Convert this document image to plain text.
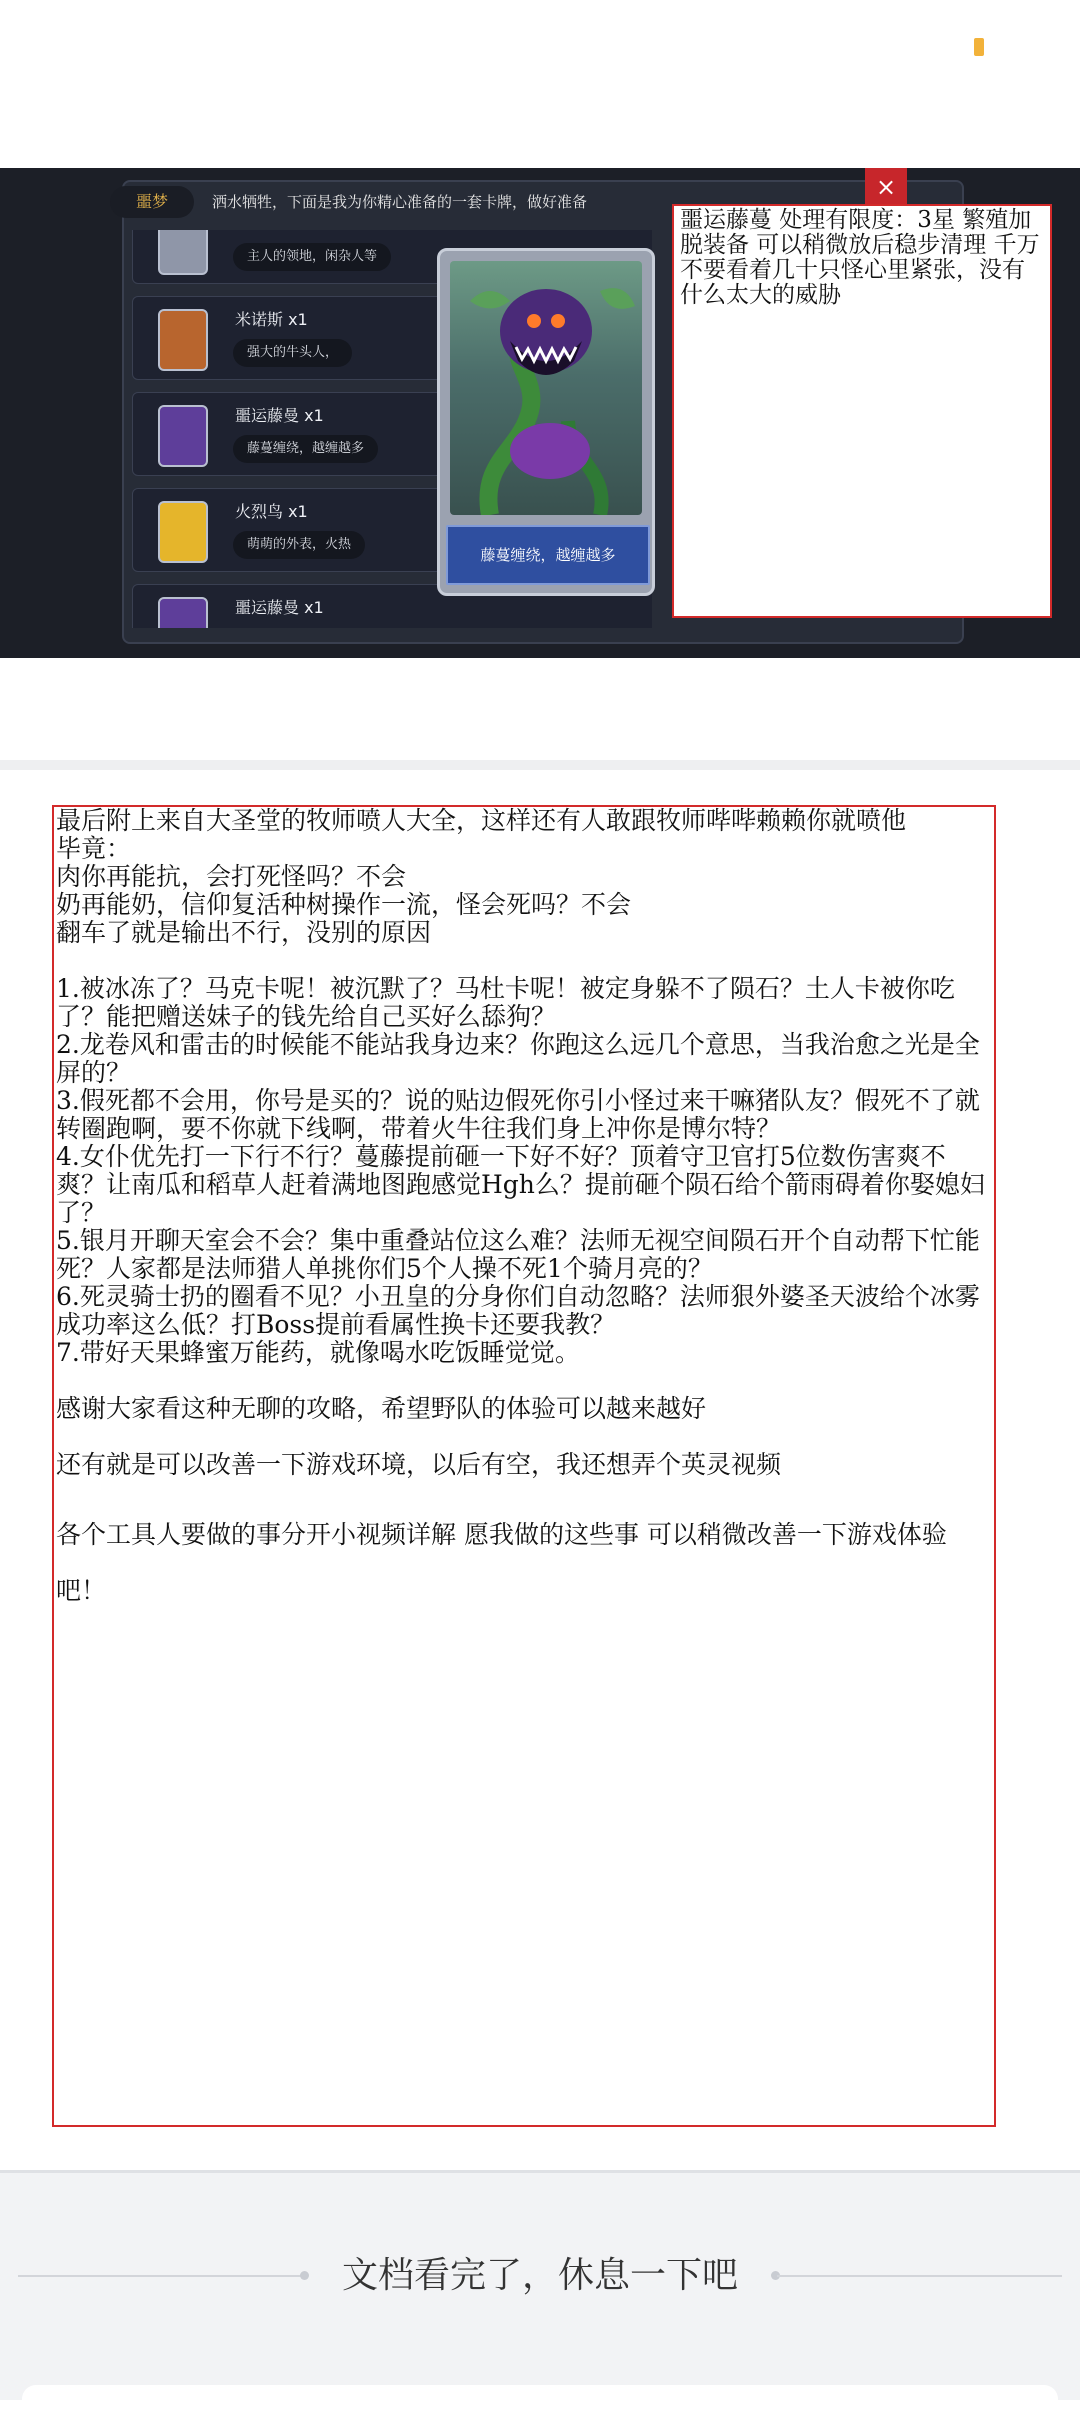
噩梦	洒水牺牲，下面是我为你精心准备的一套卡牌，做好准备
主人的领地，闲杂人等
米诺斯 x1
强大的牛头人，
噩运藤曼 x1
藤蔓缠绕，越缠越多
火烈鸟 x1
萌萌的外表，火热
噩运藤曼 x1
藤蔓缠绕，越缠越多
×
噩运藤蔓 处理有限度：3星 繁殖加脱装备 可以稍微放后稳步清理 千万不要看着几十只怪心里紧张，没有什么太大的威胁

最后附上来自大圣堂的牧师喷人大全，这样还有人敢跟牧师哔哔赖赖你就喷他

毕竟：

肉你再能抗，会打死怪吗？不会

奶再能奶，信仰复活种树操作一流，怪会死吗？不会

翻车了就是输出不行，没别的原因

1.被冰冻了？马克卡呢！被沉默了？马杜卡呢！被定身躲不了陨石？土人卡被你吃了？能把赠送妹子的钱先给自己买好么舔狗？

2.龙卷风和雷击的时候能不能站我身边来？你跑这么远几个意思，当我治愈之光是全屏的？

3.假死都不会用，你号是买的？说的贴边假死你引小怪过来干嘛猪队友？假死不了就转圈跑啊，要不你就下线啊，带着火牛往我们身上冲你是博尔特？

4.女仆优先打一下行不行？蔓藤提前砸一下好不好？顶着守卫官打5位数伤害爽不爽？让南瓜和稻草人赶着满地图跑感觉Hgh么？提前砸个陨石给个箭雨碍着你娶媳妇了？

5.银月开聊天室会不会？集中重叠站位这么难？法师无视空间陨石开个自动帮下忙能死？人家都是法师猎人单挑你们5个人操不死1个骑月亮的？

6.死灵骑士扔的圈看不见？小丑皇的分身你们自动忽略？法师狠外婆圣天波给个冰雾成功率这么低？打Boss提前看属性换卡还要我教？

7.带好天果蜂蜜万能药，就像喝水吃饭睡觉觉。

感谢大家看这种无聊的攻略，希望野队的体验可以越来越好

还有就是可以改善一下游戏环境，以后有空，我还想弄个英灵视频

各个工具人要做的事分开小视频详解 愿我做的这些事 可以稍微改善一下游戏体验吧！

文档看完了，休息一下吧
